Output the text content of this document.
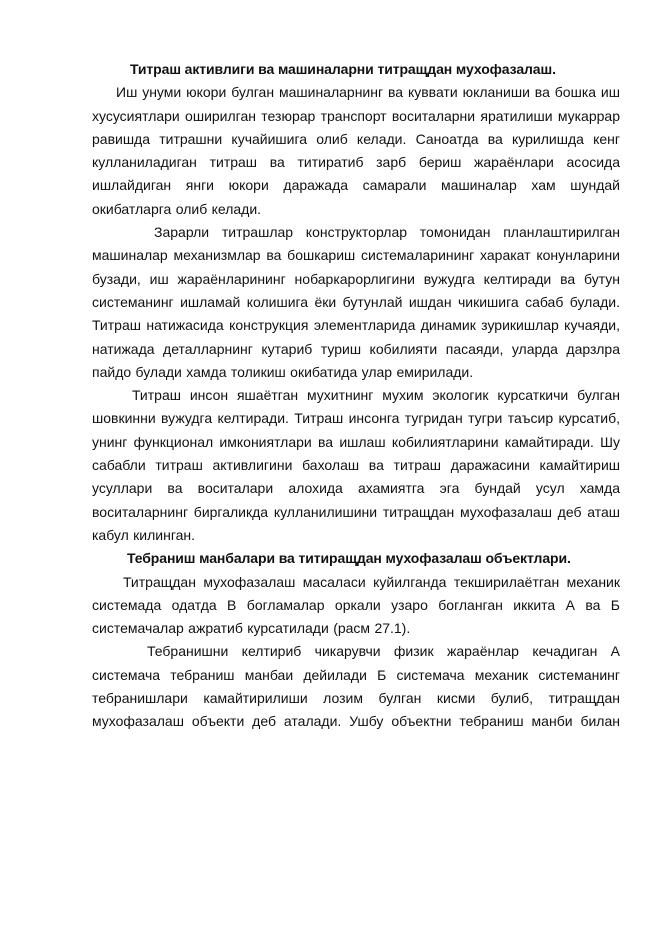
Титраш активлиги ва машиналарни титращдан мухофазалаш.

Иш унуми юкори булган машиналарнинг ва куввати юкланиши ва бошка иш хусусиятлари оширилган тезюрар транспорт воситаларни яратилиши мукаррар равишда титрашни кучайишига олиб келади. Саноатда ва курилишда кенг кулланиладиган титраш ва титиратиб зарб бериш жараёнлари асосида ишлайдиган янги юкори даражада самарали машиналар хам шундай окибатларга олиб келади.

Зарарли титрашлар конструкторлар томонидан планлаштирилган машиналар механизмлар ва бошкариш системаларининг харакат конунларини бузади, иш жараёнларининг нобаркарорлигини вужудга келтиради ва бутун системанинг ишламай колишига ёки бутунлай ишдан чикишига сабаб булади. Титраш натижасида конструкция элементларида динамик зурикишлар кучаяди, натижада деталларнинг кутариб туриш кобилияти пасаяди, уларда дарзлра пайдо булади хамда толикиш окибатида улар емирилади.

Титраш инсон яшаётган мухитнинг мухим экологик курсаткичи булган шовкинни вужудга келтиради. Титраш инсонга тугридан тугри таъсир курсатиб, унинг функционал имкониятлари ва ишлаш кобилиятларини камайтиради. Шу сабабли титраш активлигини бахолаш ва титраш даражасини камайтириш усуллари ва воситалари алохида ахамиятга эга бундай усул хамда воситаларнинг биргаликда кулланилишини титращдан мухофазалаш деб аташ кабул килинган.

Тебраниш манбалари ва титиращдан мухофазалаш объектлари.

Титращдан мухофазалаш масаласи куйилганда текширилаётган механик системада одатда В богламалар оркали узаро богланган иккита А ва Б системачалар ажратиб курсатилади (расм 27.1).

Тебранишни келтириб чикарувчи физик жараёнлар кечадиган А системача тебраниш манбаи дейилади Б системача механик системанинг тебранишлари камайтирилиши лозим булган кисми булиб, титращдан мухофазалаш объекти деб аталади. Ушбу объектни тебраниш манби билан
